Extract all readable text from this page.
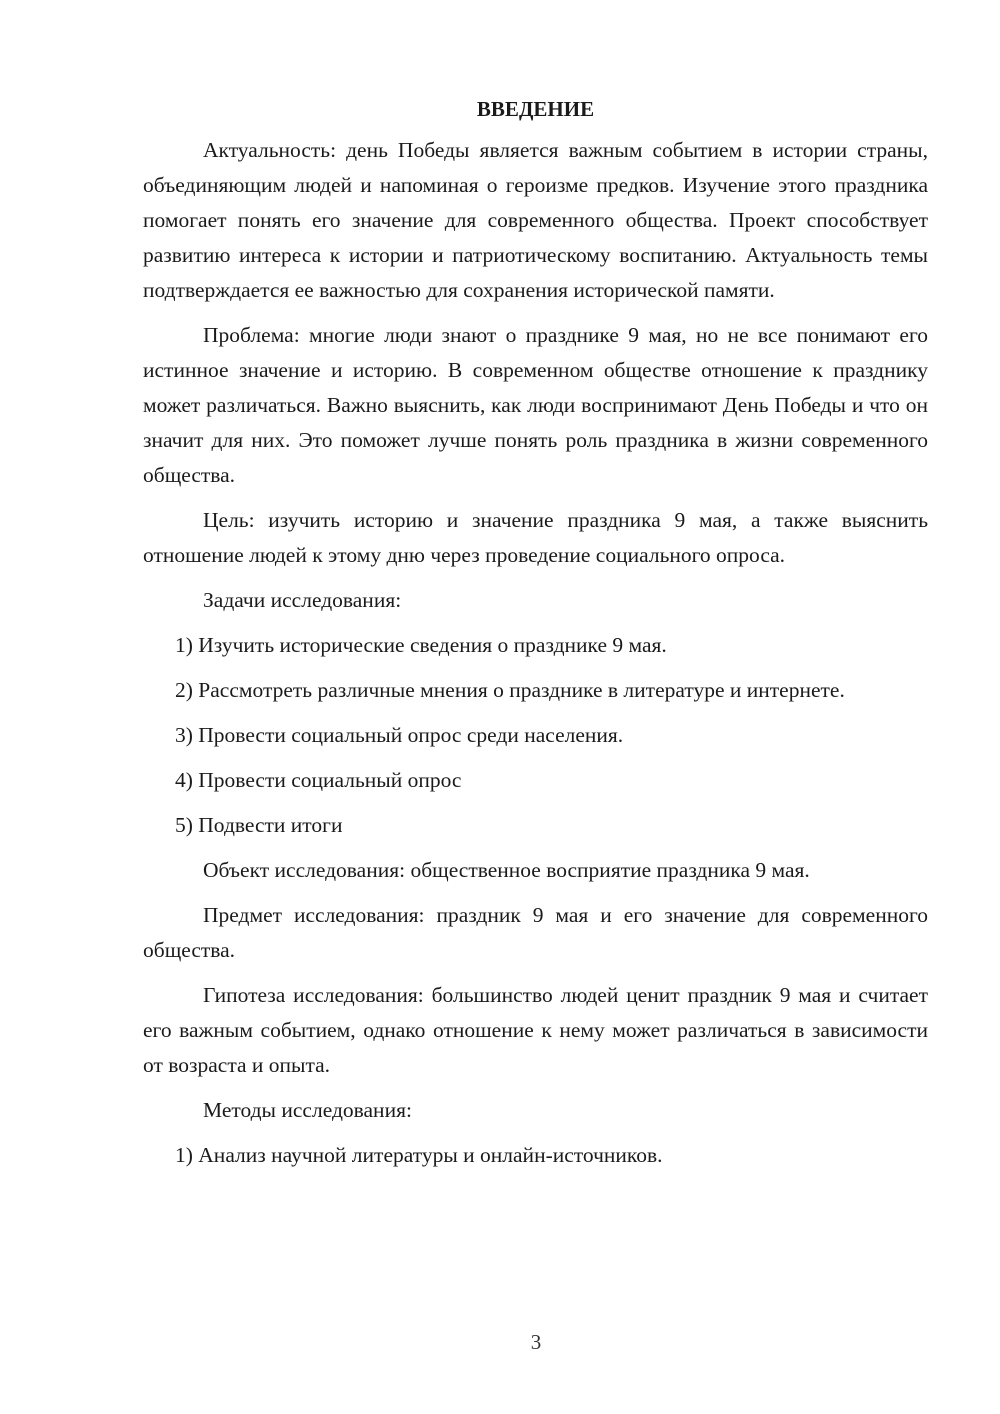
ВВЕДЕНИЕ

Актуальность: день Победы является важным событием в истории страны, объединяющим людей и напоминая о героизме предков. Изучение этого праздника помогает понять его значение для современного общества. Проект способствует развитию интереса к истории и патриотическому воспитанию. Актуальность темы подтверждается ее важностью для сохранения исторической памяти.

Проблема: многие люди знают о празднике 9 мая, но не все понимают его истинное значение и историю. В современном обществе отношение к празднику может различаться. Важно выяснить, как люди воспринимают День Победы и что он значит для них. Это поможет лучше понять роль праздника в жизни современного общества.

Цель: изучить историю и значение праздника 9 мая, а также выяснить отношение людей к этому дню через проведение социального опроса.

Задачи исследования:

1) Изучить исторические сведения о празднике 9 мая.

2) Рассмотреть различные мнения о празднике в литературе и интернете.

3) Провести социальный опрос среди населения.

4) Провести социальный опрос

5) Подвести итоги

Объект исследования: общественное восприятие праздника 9 мая.

Предмет исследования: праздник 9 мая и его значение для современного общества.

Гипотеза исследования: большинство людей ценит праздник 9 мая и считает его важным событием, однако отношение к нему может различаться в зависимости от возраста и опыта.

Методы исследования:

1) Анализ научной литературы и онлайн-источников.

3
